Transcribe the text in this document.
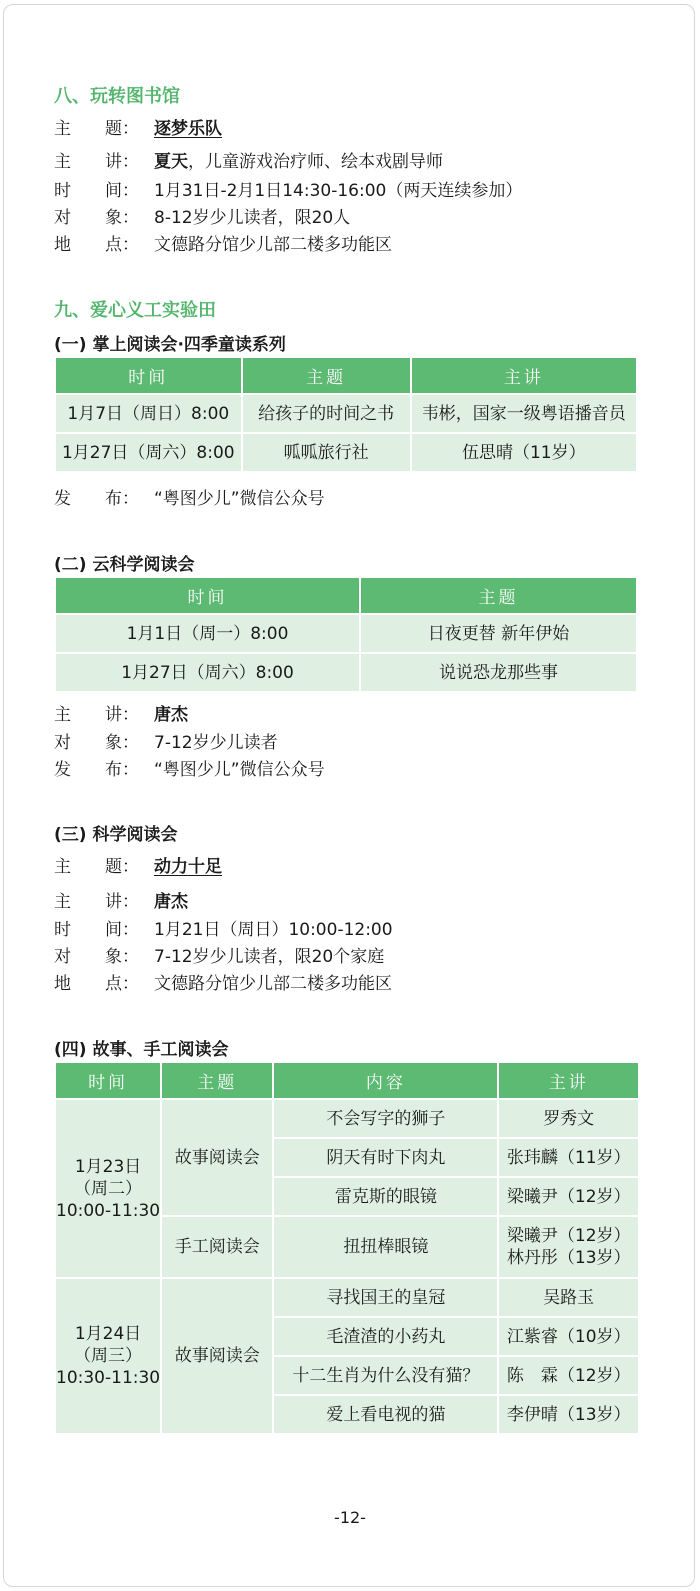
八、玩转图书馆
主　　题： 逐梦乐队
主　　讲： 夏天，儿童游戏治疗师、绘本戏剧导师
时　　间： 1月31日-2月1日14:30-16:00（两天连续参加）
对　　象： 8-12岁少儿读者，限20人
地　　点： 文德路分馆少儿部二楼多功能区
九、爱心义工实验田
(一) 掌上阅读会·四季童读系列
时间	主题	主讲
1月7日（周日）8:00	给孩子的时间之书	韦彬，国家一级粤语播音员
1月27日（周六）8:00	呱呱旅行社	伍思晴（11岁）
发　　布： “粤图少儿”微信公众号
(二) 云科学阅读会
时间	主题
1月1日（周一）8:00	日夜更替 新年伊始
1月27日（周六）8:00	说说恐龙那些事
主　　讲： 唐杰
对　　象： 7-12岁少儿读者
发　　布： “粤图少儿”微信公众号
(三) 科学阅读会
主　　题： 动力十足
主　　讲： 唐杰
时　　间： 1月21日（周日）10:00-12:00
对　　象： 7-12岁少儿读者，限20个家庭
地　　点： 文德路分馆少儿部二楼多功能区
(四) 故事、手工阅读会
时间	主题	内容	主讲

1月23日
（周二）
10:00-11:30	故事阅读会	不会写字的狮子	罗秀文
		阴天有时下肉丸	张玮麟（11岁）
		雷克斯的眼镜	梁曦尹（12岁）
	手工阅读会	扭扭棒眼镜	梁曦尹（12岁）
林丹彤（13岁）

1月24日
（周三）
10:30-11:30	故事阅读会	寻找国王的皇冠	吴路玉
		毛渣渣的小药丸	江紫睿（10岁）
		十二生肖为什么没有猫？	陈　霖（12岁）
		爱上看电视的猫	李伊晴（13岁）
-12-
